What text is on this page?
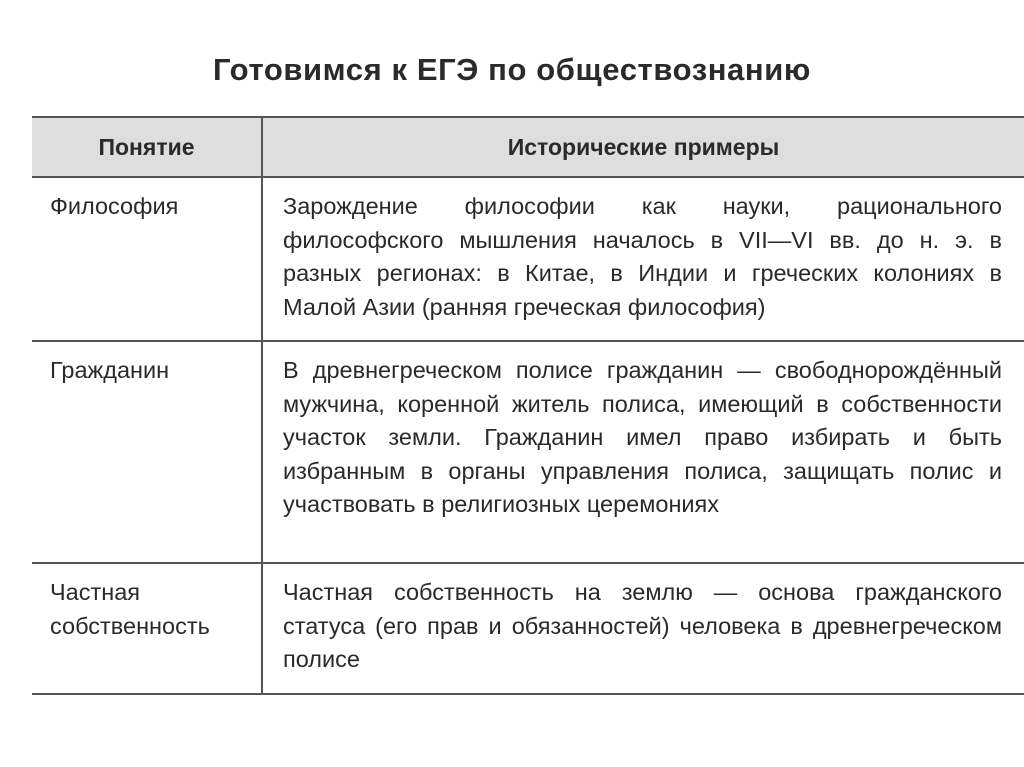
Готовимся к ЕГЭ по обществознанию
Понятие	Исторические примеры
Философия	Зарождение философии как науки, рационального философского мышления началось в VII—VI вв. до н. э. в разных регионах: в Китае, в Индии и греческих колониях в Малой Азии (ранняя греческая философия)
Гражданин	В древнегреческом полисе гражданин — свободнорождённый мужчина, коренной житель полиса, имеющий в собственности участок земли. Гражданин имел право избирать и быть избранным в органы управления полиса, защищать полис и участвовать в религиозных церемониях
Частная собственность	Частная собственность на землю — основа гражданского статуса (его прав и обязанностей) человека в древнегреческом полисе
